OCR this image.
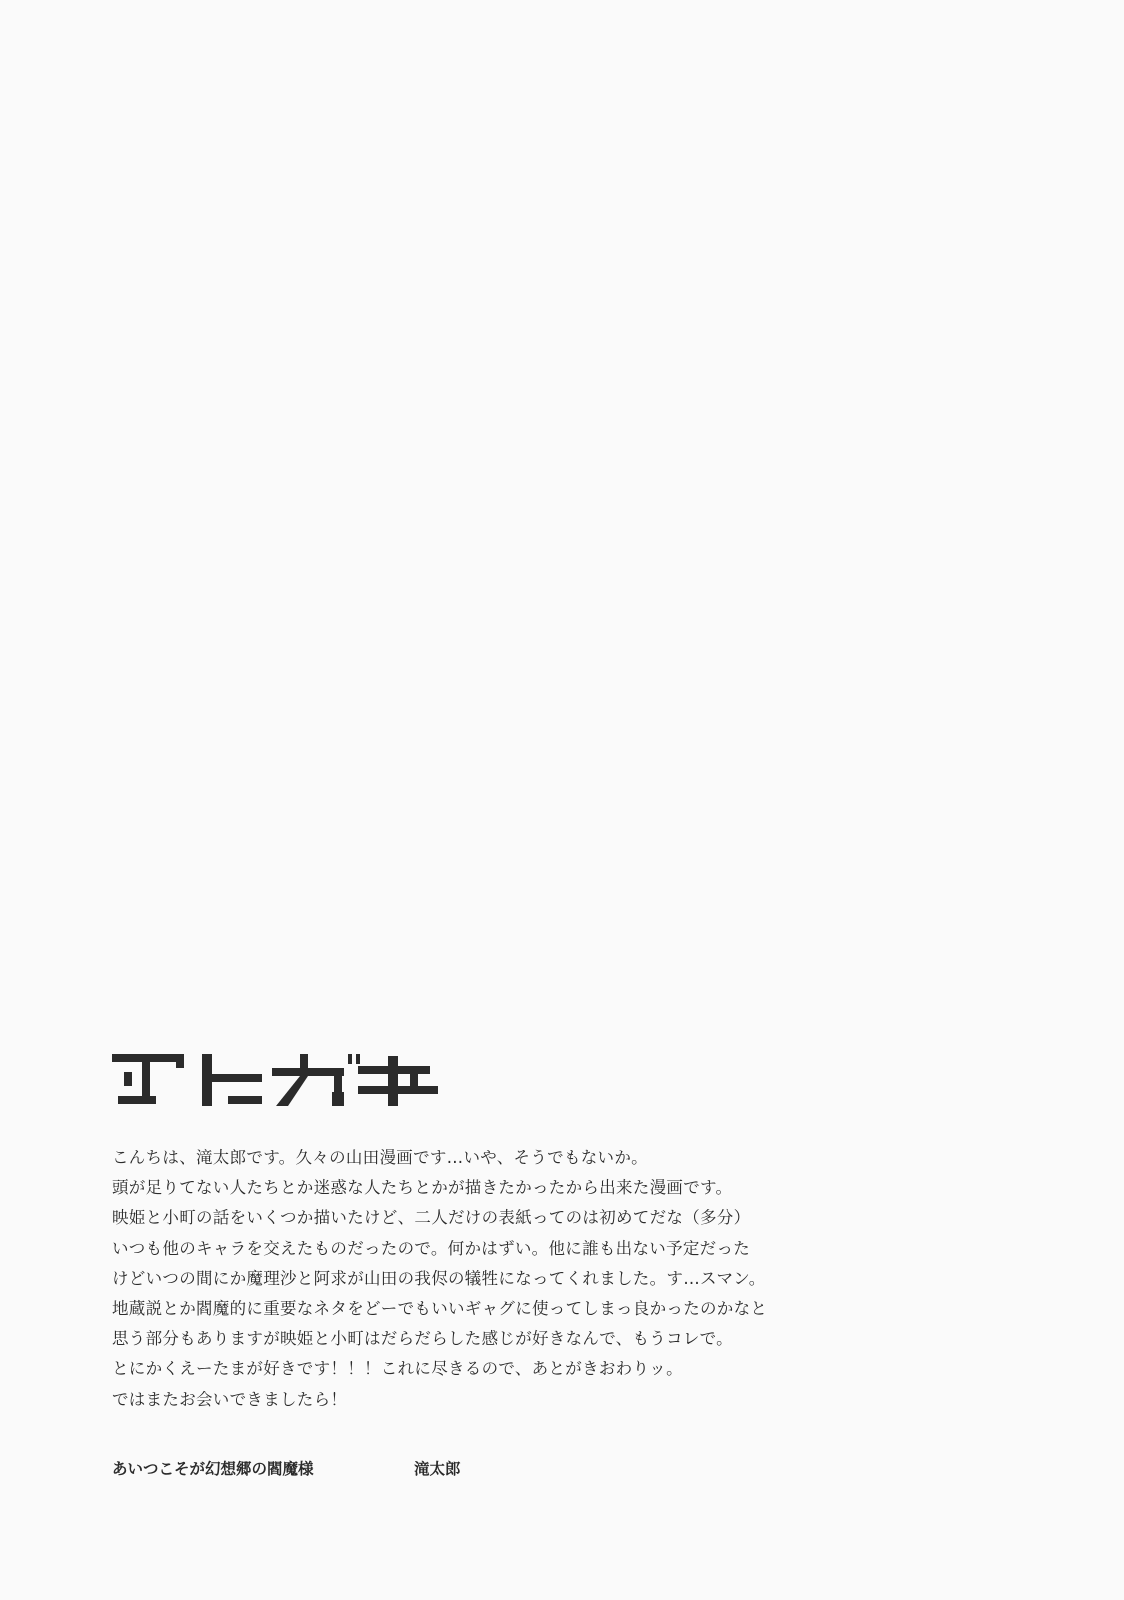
こんちは、滝太郎です。久々の山田漫画です…いや、そうでもないか。
頭が足りてない人たちとか迷惑な人たちとかが描きたかったから出来た漫画です。
映姫と小町の話をいくつか描いたけど、二人だけの表紙ってのは初めてだな（多分）
いつも他のキャラを交えたものだったので。何かはずい。他に誰も出ない予定だった
けどいつの間にか魔理沙と阿求が山田の我侭の犠牲になってくれました。す…スマン。
地蔵説とか閻魔的に重要なネタをどーでもいいギャグに使ってしまっ良かったのかなと
思う部分もありますが映姫と小町はだらだらした感じが好きなんで、もうコレで。
とにかくえーたまが好きです！！！これに尽きるので、あとがきおわりッ。
ではまたお会いできましたら！
あいつこそが幻想郷の閻魔様	滝太郎
